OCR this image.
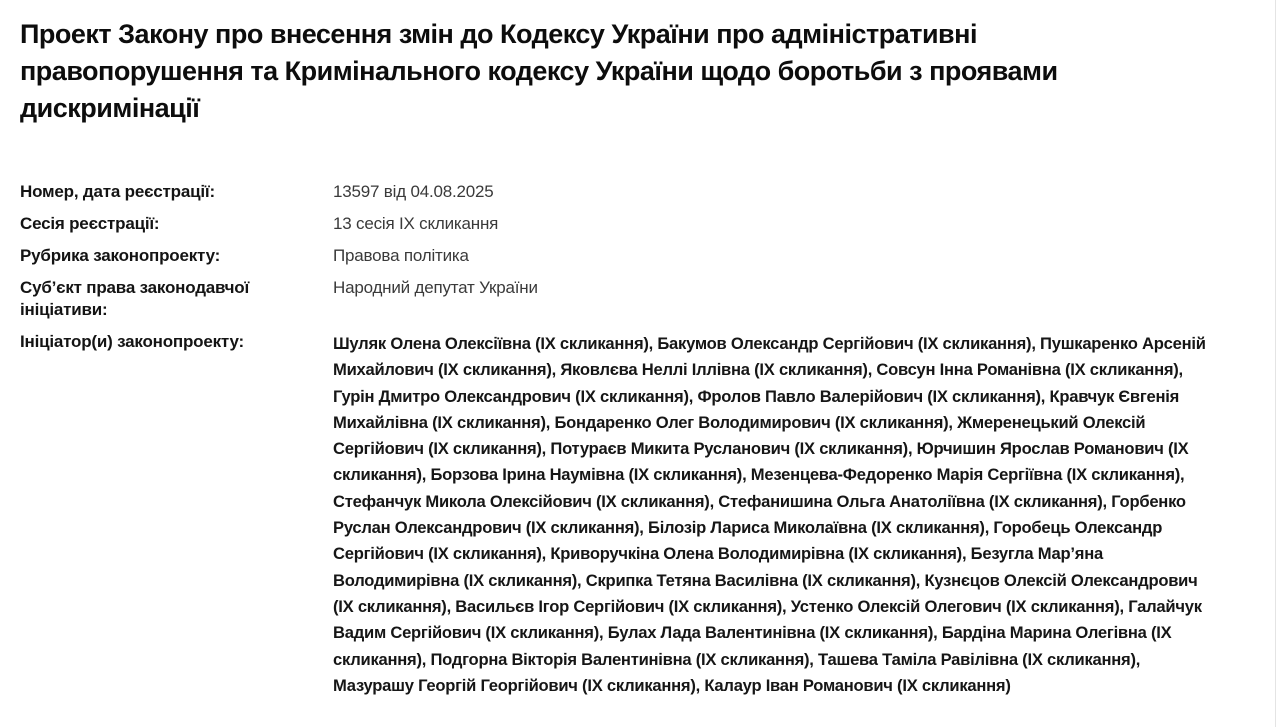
Проект Закону про внесення змін до Кодексу України про адміністративні правопорушення та Кримінального кодексу України щодо боротьби з проявами дискримінації
Номер, дата реєстрації:	13597 від 04.08.2025
Сесія реєстрації:	13 сесія ІХ скликання
Рубрика законопроекту:	Правова політика
Суб’єкт права законодавчої ініціативи:
Народний депутат України
Ініціатор(и) законопроекту:	Шуляк Олена Олексіївна (ІХ скликання), Бакумов Олександр Сергійович (ІХ скликання), Пушкаренко Арсеній Михайлович (ІХ скликання), Яковлєва Неллі Іллівна (ІХ скликання), Совсун Інна Романівна (ІХ скликання), Гурін Дмитро Олександрович (ІХ скликання), Фролов Павло Валерійович (ІХ скликання), Кравчук Євгенія Михайлівна (ІХ скликання), Бондаренко Олег Володимирович (ІХ скликання), Жмеренецький Олексій Сергійович (ІХ скликання), Потураєв Микита Русланович (ІХ скликання), Юрчишин Ярослав Романович (ІХ скликання), Борзова Ірина Наумівна (ІХ скликання), Мезенцева-Федоренко Марія Сергіївна (ІХ скликання), Стефанчук Микола Олексійович (ІХ скликання), Стефанишина Ольга Анатоліївна (ІХ скликання), Горбенко Руслан Олександрович (ІХ скликання), Білозір Лариса Миколаївна (ІХ скликання), Горобець Олександр Сергійович (ІХ скликання), Криворучкіна Олена Володимирівна (ІХ скликання), Безугла Мар’яна Володимирівна (ІХ скликання), Скрипка Тетяна Василівна (ІХ скликання), Кузнєцов Олексій Олександрович (ІХ скликання), Васильєв Ігор Сергійович (ІХ скликання), Устенко Олексій Олегович (ІХ скликання), Галайчук Вадим Сергійович (ІХ скликання), Булах Лада Валентинівна (ІХ скликання), Бардіна Марина Олегівна (ІХ скликання), Подгорна Вікторія Валентинівна (ІХ скликання), Ташева Таміла Равілівна (ІХ скликання), Мазурашу Георгій Георгійович (ІХ скликання), Калаур Іван Романович (ІХ скликання)
